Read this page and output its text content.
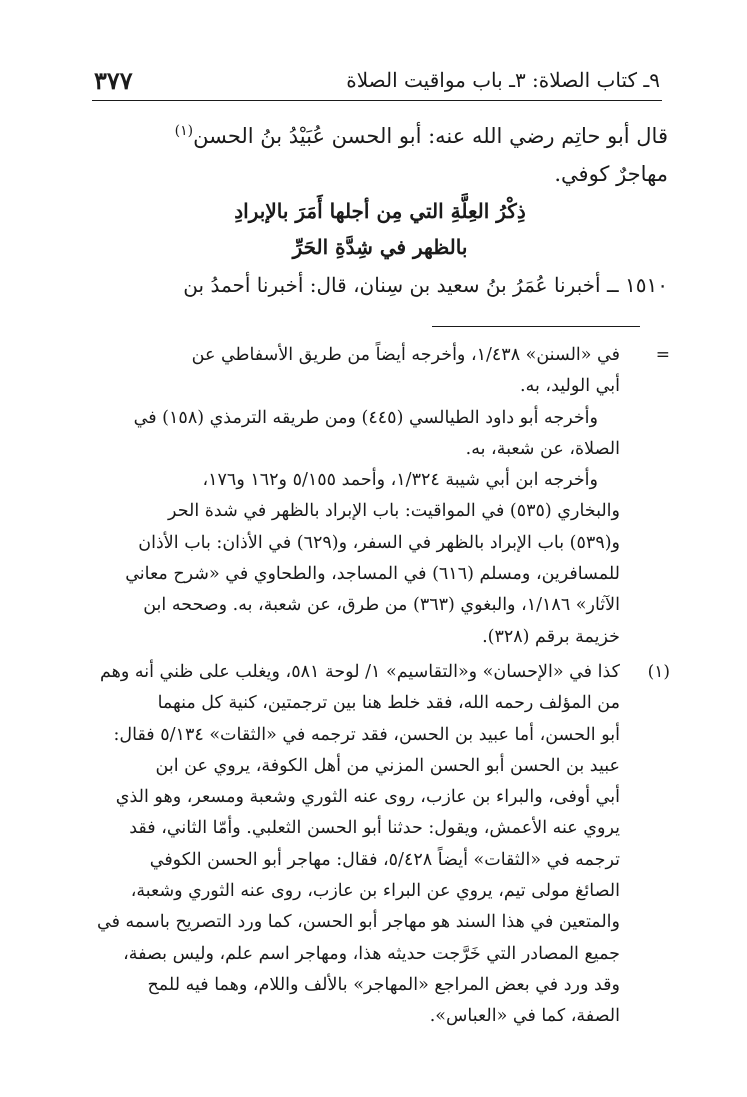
٣٧٧	٩ـ كتاب الصلاة: ٣ـ باب مواقيت الصلاة
قال أبو حاتِم رضي الله عنه: أبو الحسن عُبَيْدُ بنُ الحسن$^{(١)}$
مهاجرٌ كوفي.
ذِكْرُ العِلَّةِ التي مِن أجلها أَمَرَ بالإبرادِ
بالظهر في شِدَّةِ الحَرِّ
١٥١٠ ــ أخبرنا عُمَرُ بنُ سعيد بن سِنان، قال: أخبرنا أحمدُ بن
=
في «السنن» ١/٤٣٨، وأخرجه أيضاً من طريق الأسفاطي عن
أبي الوليد، به.
وأخرجه أبو داود الطيالسي (٤٤٥) ومن طريقه الترمذي (١٥٨) في
الصلاة، عن شعبة، به.
وأخرجه ابن أبي شيبة ١/٣٢٤، وأحمد ٥/١٥٥ و١٦٢ و١٧٦،
والبخاري (٥٣٥) في المواقيت: باب الإبراد بالظهر في شدة الحر
و(٥٣٩) باب الإبراد بالظهر في السفر، و(٦٢٩) في الأذان: باب الأذان
للمسافرين، ومسلم (٦١٦) في المساجد، والطحاوي في «شرح معاني
الآثار» ١/١٨٦، والبغوي (٣٦٣) من طرق، عن شعبة، به. وصححه ابن
خزيمة برقم (٣٢٨).
(١)
كذا في «الإحسان» و«التقاسيم» ١/ لوحة ٥٨١، ويغلب على ظني أنه وهم
من المؤلف رحمه الله، فقد خلط هنا بين ترجمتين، كنية كل منهما
أبو الحسن، أما عبيد بن الحسن، فقد ترجمه في «الثقات» ٥/١٣٤ فقال:
عبيد بن الحسن أبو الحسن المزني من أهل الكوفة، يروي عن ابن
أبي أوفى، والبراء بن عازب، روى عنه الثوري وشعبة ومسعر، وهو الذي
يروي عنه الأعمش، ويقول: حدثنا أبو الحسن الثعلبي. وأمّا الثاني، فقد
ترجمه في «الثقات» أيضاً ٥/٤٢٨، فقال: مهاجر أبو الحسن الكوفي
الصائغ مولى تيم، يروي عن البراء بن عازب، روى عنه الثوري وشعبة،
والمتعين في هذا السند هو مهاجر أبو الحسن، كما ورد التصريح باسمه في
جميع المصادر التي خَرَّجت حديثه هذا، ومهاجر اسم علم، وليس بصفة،
وقد ورد في بعض المراجع «المهاجر» بالألف واللام، وهما فيه للمح
الصفة، كما في «العباس».
